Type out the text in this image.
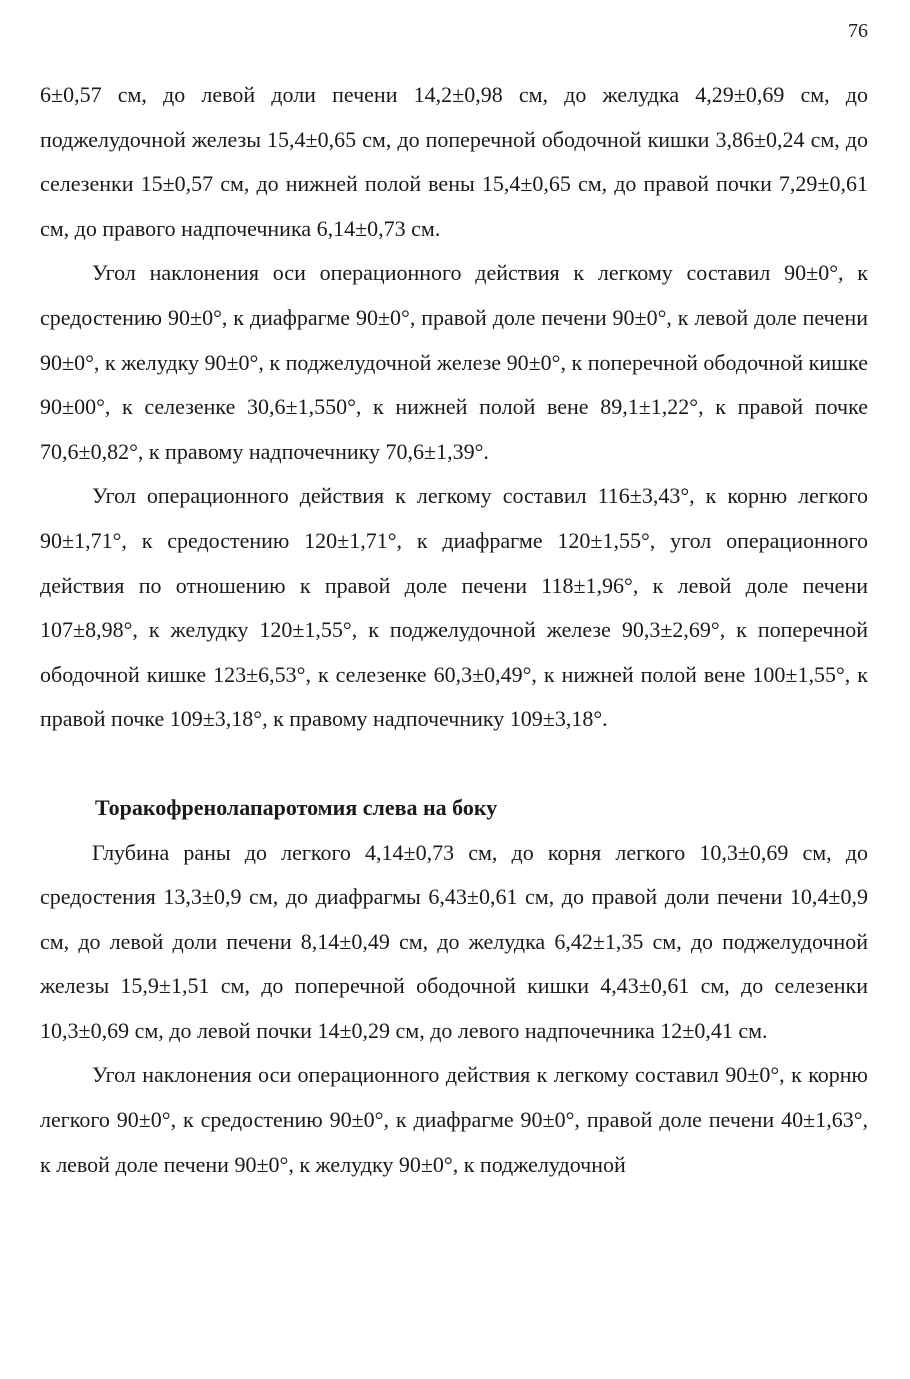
76

6±0,57 см, до левой доли печени 14,2±0,98 см, до желудка 4,29±0,69 см, до поджелудочной железы 15,4±0,65 см, до поперечной ободочной кишки 3,86±0,24 см, до селезенки 15±0,57 см, до нижней полой вены 15,4±0,65 см, до правой почки 7,29±0,61 см, до правого надпочечника 6,14±0,73 см.

Угол наклонения оси операционного действия к легкому составил 90±0°, к средостению 90±0°, к диафрагме 90±0°, правой доле печени 90±0°, к левой доле печени 90±0°, к желудку 90±0°, к поджелудочной железе 90±0°, к поперечной ободочной кишке 90±00°, к селезенке 30,6±1,550°, к нижней полой вене 89,1±1,22°, к правой почке 70,6±0,82°, к правому надпочечнику 70,6±1,39°.

Угол операционного действия к легкому составил 116±3,43°, к корню легкого 90±1,71°, к средостению 120±1,71°, к диафрагме 120±1,55°, угол операционного действия по отношению к правой доле печени 118±1,96°, к левой доле печени 107±8,98°, к желудку 120±1,55°, к поджелудочной железе 90,3±2,69°, к поперечной ободочной кишке 123±6,53°, к селезенке 60,3±0,49°, к нижней полой вене 100±1,55°, к правой почке 109±3,18°, к правому надпочечнику 109±3,18°.

Торакофренолапаротомия слева на боку

Глубина раны до легкого 4,14±0,73 см, до корня легкого 10,3±0,69 см, до средостения 13,3±0,9 см, до диафрагмы 6,43±0,61 см, до правой доли печени 10,4±0,9 см, до левой доли печени 8,14±0,49 см, до желудка 6,42±1,35 см, до поджелудочной железы 15,9±1,51 см, до поперечной ободочной кишки 4,43±0,61 см, до селезенки 10,3±0,69 см, до левой почки 14±0,29 см, до левого надпочечника 12±0,41 см.

Угол наклонения оси операционного действия к легкому составил 90±0°, к корню легкого 90±0°, к средостению 90±0°, к диафрагме 90±0°, правой доле печени 40±1,63°, к левой доле печени 90±0°, к желудку 90±0°, к поджелудочной
